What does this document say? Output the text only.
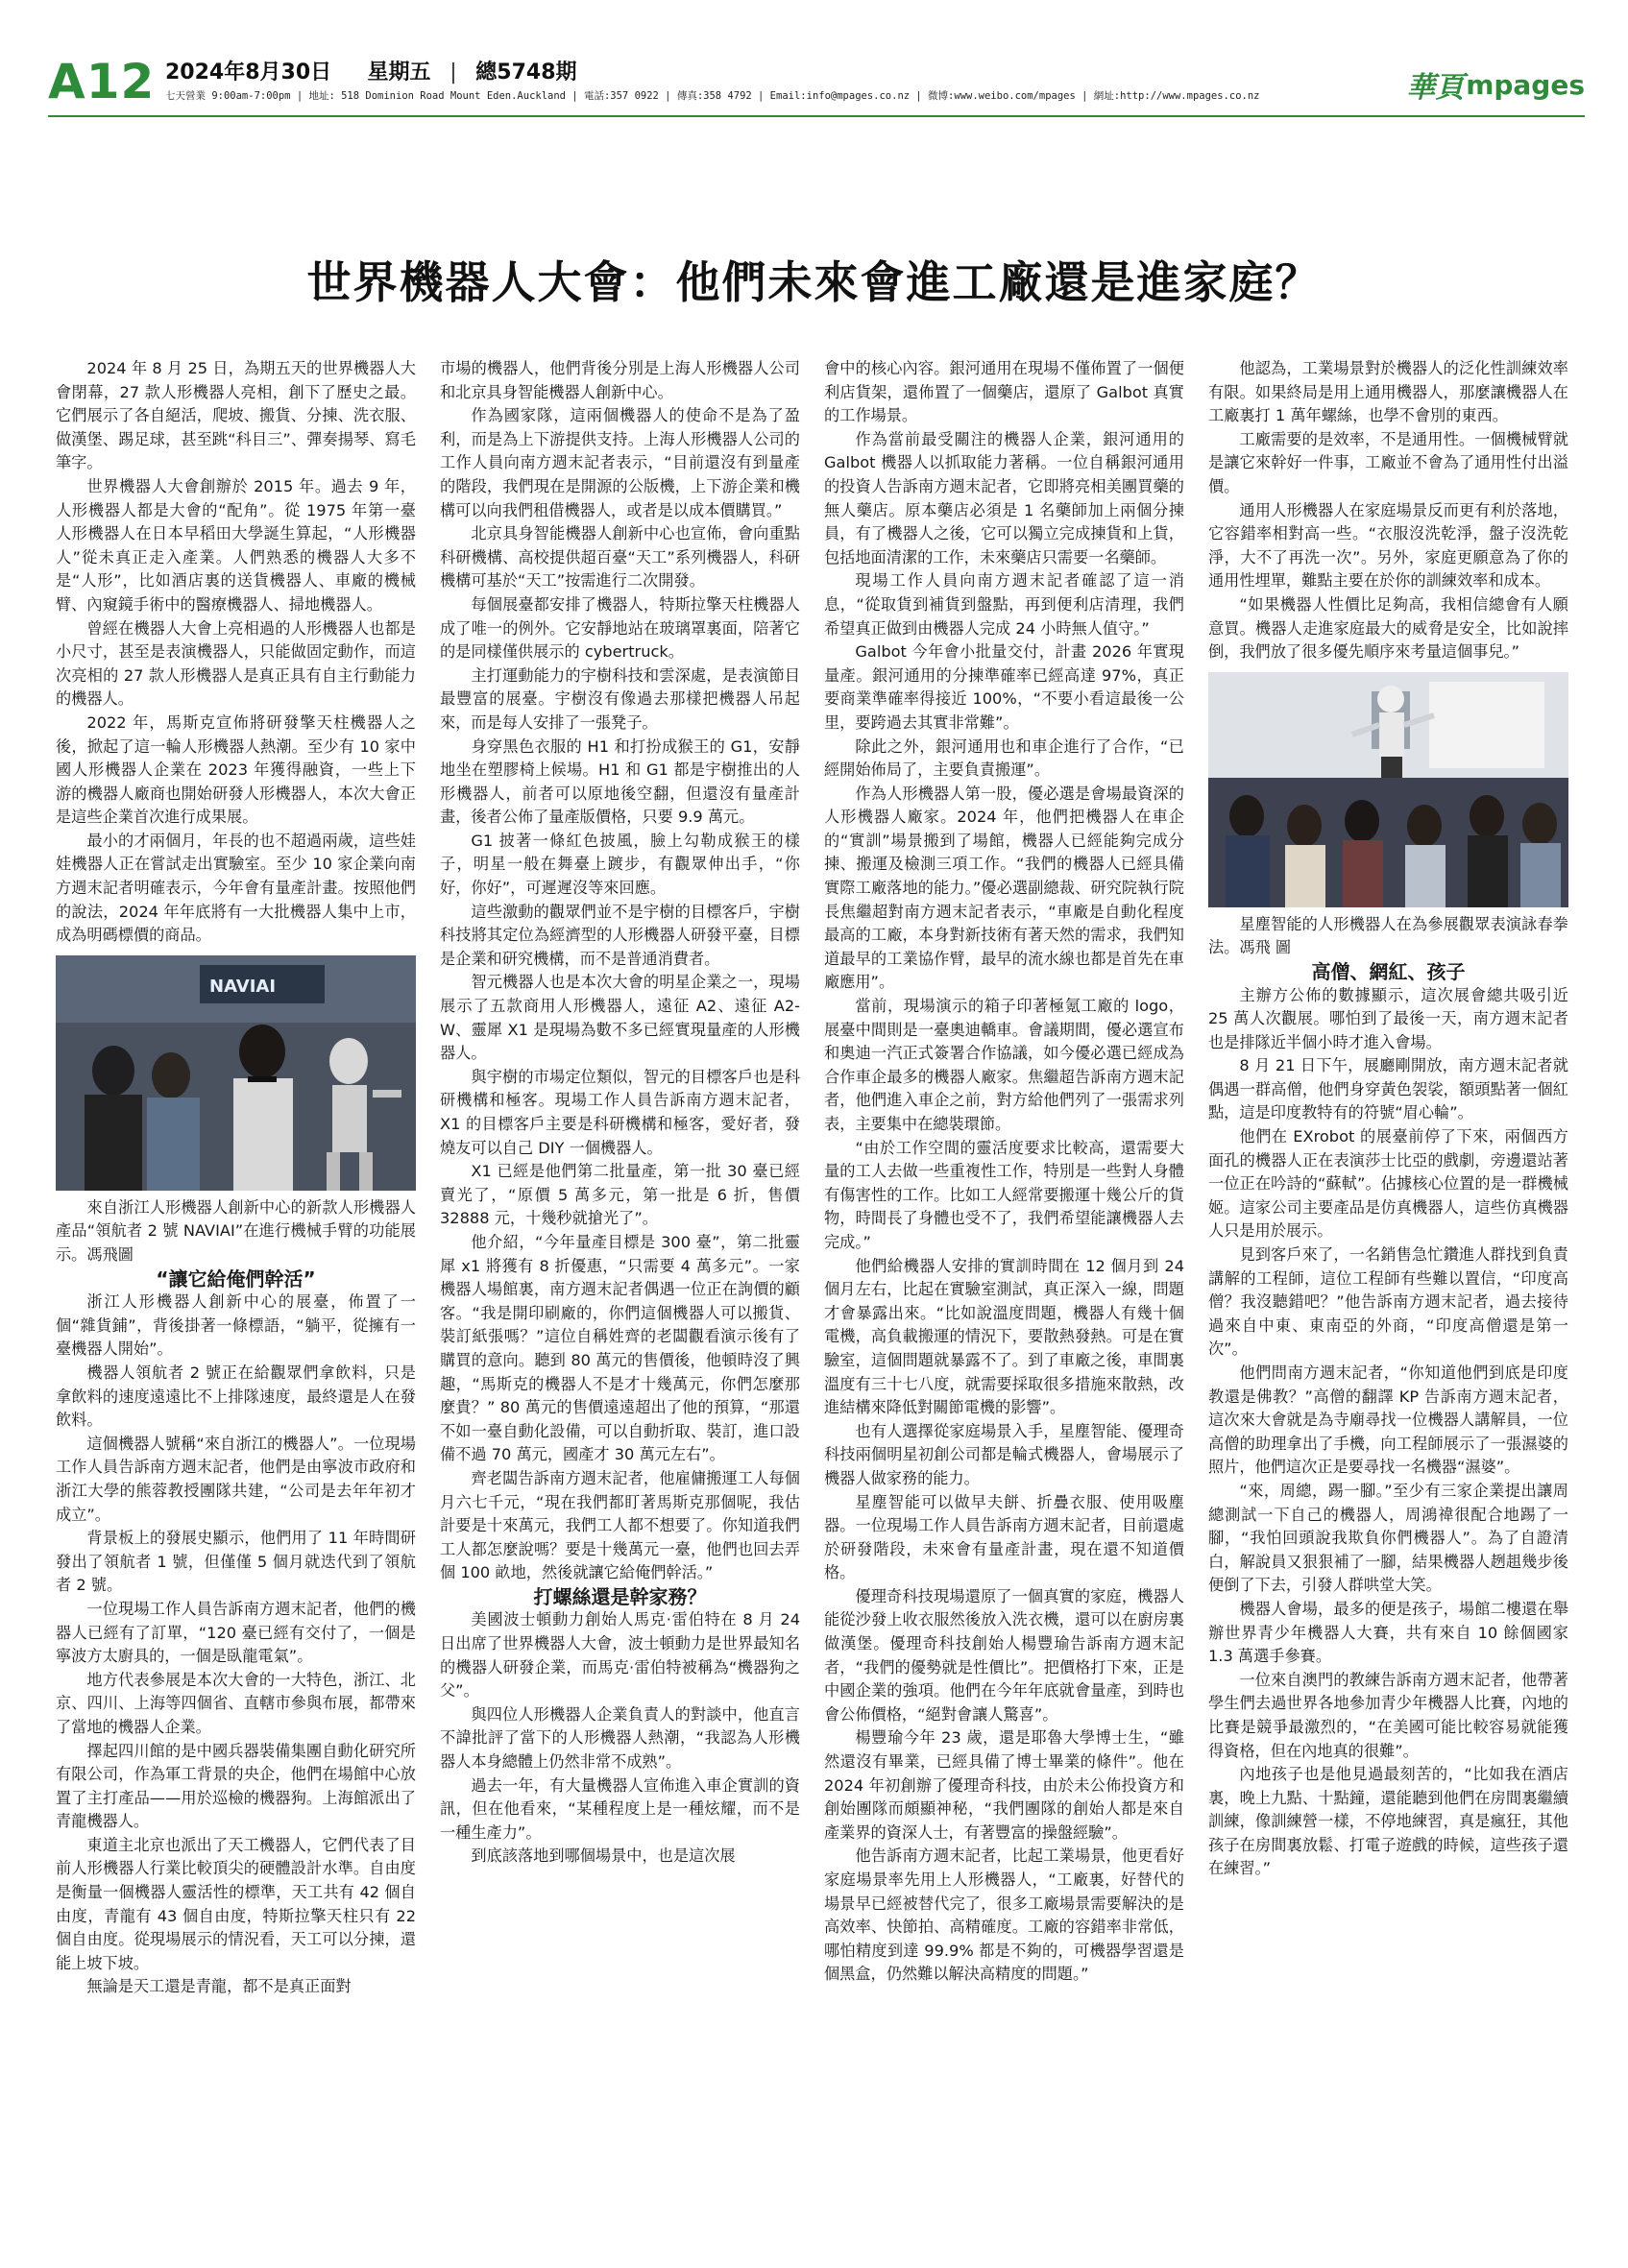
A12 2024年8月30日 星期五 | 總5748期
七天營業 9:00am-7:00pm | 地址: 518 Dominion Road Mount Eden.Auckland | 電話:357 0922 | 傳真:358 4792 | Email:info@mpages.co.nz | 微博:www.weibo.com/mpages | 網址:http://www.mpages.co.nz	華頁 mpages
世界機器人大會：他們未來會進工廠還是進家庭？

2024 年 8 月 25 日，為期五天的世界機器人大會閉幕，27 款人形機器人亮相，創下了歷史之最。它們展示了各自絕活，爬坡、搬貨、分揀、洗衣服、做漢堡、踢足球，甚至跳“科目三”、彈奏揚琴、寫毛筆字。

世界機器人大會創辦於 2015 年。過去 9 年，人形機器人都是大會的“配角”。從 1975 年第一臺人形機器人在日本早稻田大學誕生算起，“人形機器人”從未真正走入產業。人們熟悉的機器人大多不是“人形”，比如酒店裏的送貨機器人、車廠的機械臂、內窺鏡手術中的醫療機器人、掃地機器人。

曾經在機器人大會上亮相過的人形機器人也都是小尺寸，甚至是表演機器人，只能做固定動作，而這次亮相的 27 款人形機器人是真正具有自主行動能力的機器人。

2022 年，馬斯克宣佈將研發擎天柱機器人之後，掀起了這一輪人形機器人熱潮。至少有 10 家中國人形機器人企業在 2023 年獲得融資，一些上下游的機器人廠商也開始研發人形機器人，本次大會正是這些企業首次進行成果展。

最小的才兩個月，年長的也不超過兩歲，這些娃娃機器人正在嘗試走出實驗室。至少 10 家企業向南方週末記者明確表示，今年會有量產計畫。按照他們的說法，2024 年年底將有一大批機器人集中上市，成為明碼標價的商品。

NAVIAI

來自浙江人形機器人創新中心的新款人形機器人產品“領航者 2 號 NAVIAI”在進行機械手臂的功能展示。馮飛圖

“讓它給俺們幹活”

浙江人形機器人創新中心的展臺，佈置了一個“雜貨鋪”，背後掛著一條標語，“躺平，從擁有一臺機器人開始”。

機器人領航者 2 號正在給觀眾們拿飲料，只是拿飲料的速度遠遠比不上排隊速度，最終還是人在發飲料。

這個機器人號稱“來自浙江的機器人”。一位現場工作人員告訴南方週末記者，他們是由寧波市政府和浙江大學的熊蓉教授團隊共建，“公司是去年年初才成立”。

背景板上的發展史顯示，他們用了 11 年時間研發出了領航者 1 號，但僅僅 5 個月就迭代到了領航者 2 號。

一位現場工作人員告訴南方週末記者，他們的機器人已經有了訂單，“120 臺已經有交付了，一個是寧波方太廚具的，一個是臥龍電氣”。

地方代表參展是本次大會的一大特色，浙江、北京、四川、上海等四個省、直轄市參與布展，都帶來了當地的機器人企業。

擇起四川館的是中國兵器裝備集團自動化研究所有限公司，作為軍工背景的央企，他們在場館中心放置了主打產品——用於巡檢的機器狗。上海館派出了青龍機器人。

東道主北京也派出了天工機器人，它們代表了目前人形機器人行業比較頂尖的硬體設計水準。自由度是衡量一個機器人靈活性的標準，天工共有 42 個自由度，青龍有 43 個自由度，特斯拉擎天柱只有 22 個自由度。從現場展示的情況看，天工可以分揀，還能上坡下坡。

無論是天工還是青龍，都不是真正面對

市場的機器人，他們背後分別是上海人形機器人公司和北京具身智能機器人創新中心。

作為國家隊，這兩個機器人的使命不是為了盈利，而是為上下游提供支持。上海人形機器人公司的工作人員向南方週末記者表示，“目前還沒有到量產的階段，我們現在是開源的公版機，上下游企業和機構可以向我們租借機器人，或者是以成本價購買。”

北京具身智能機器人創新中心也宣佈，會向重點科研機構、高校提供超百臺“天工”系列機器人，科研機構可基於“天工”按需進行二次開發。

每個展臺都安排了機器人，特斯拉擎天柱機器人成了唯一的例外。它安靜地站在玻璃罩裏面，陪著它的是同樣僅供展示的 cybertruck。

主打運動能力的宇樹科技和雲深處，是表演節目最豐富的展臺。宇樹沒有像過去那樣把機器人吊起來，而是每人安排了一張凳子。

身穿黑色衣服的 H1 和打扮成猴王的 G1，安靜地坐在塑膠椅上候場。H1 和 G1 都是宇樹推出的人形機器人，前者可以原地後空翻，但還沒有量產計畫，後者公佈了量產版價格，只要 9.9 萬元。

G1 披著一條紅色披風，臉上勾勒成猴王的樣子，明星一般在舞臺上踱步，有觀眾伸出手，“你好，你好”，可遲遲沒等來回應。

這些激動的觀眾們並不是宇樹的目標客戶，宇樹科技將其定位為經濟型的人形機器人研發平臺，目標是企業和研究機構，而不是普通消費者。

智元機器人也是本次大會的明星企業之一，現場展示了五款商用人形機器人，遠征 A2、遠征 A2-W、靈犀 X1 是現場為數不多已經實現量產的人形機器人。

與宇樹的市場定位類似，智元的目標客戶也是科研機構和極客。現場工作人員告訴南方週末記者，X1 的目標客戶主要是科研機構和極客，愛好者，發燒友可以自己 DIY 一個機器人。

X1 已經是他們第二批量產，第一批 30 臺已經賣光了，“原價 5 萬多元，第一批是 6 折，售價 32888 元，十幾秒就搶光了”。

他介紹，“今年量產目標是 300 臺”，第二批靈犀 x1 將獲有 8 折優惠，“只需要 4 萬多元”。一家機器人場館裏，南方週末記者偶遇一位正在詢價的顧客。“我是開印刷廠的，你們這個機器人可以搬貨、裝訂紙張嗎？”這位自稱姓齊的老闆觀看演示後有了購買的意向。聽到 80 萬元的售價後，他頓時沒了興趣，“馬斯克的機器人不是才十幾萬元，你們怎麼那麼貴？” 80 萬元的售價遠遠超出了他的預算，“那還不如一臺自動化設備，可以自動折取、裝訂，進口設備不過 70 萬元，國產才 30 萬元左右”。

齊老闆告訴南方週末記者，他雇傭搬運工人每個月六七千元，“現在我們都盯著馬斯克那個呢，我估計要是十來萬元，我們工人都不想要了。你知道我們工人都怎麼說嗎？要是十幾萬元一臺，他們也回去弄個 100 畝地，然後就讓它給俺們幹活。”

打螺絲還是幹家務？

美國波士頓動力創始人馬克·雷伯特在 8 月 24 日出席了世界機器人大會，波士頓動力是世界最知名的機器人研發企業，而馬克·雷伯特被稱為“機器狗之父”。

與四位人形機器人企業負責人的對談中，他直言不諱批評了當下的人形機器人熱潮，“我認為人形機器人本身總體上仍然非常不成熟”。

過去一年，有大量機器人宣佈進入車企實訓的資訊，但在他看來，“某種程度上是一種炫耀，而不是一種生產力”。

到底該落地到哪個場景中，也是這次展

會中的核心內容。銀河通用在現場不僅佈置了一個便利店貨架，還佈置了一個藥店，還原了 Galbot 真實的工作場景。

作為當前最受關注的機器人企業，銀河通用的 Galbot 機器人以抓取能力著稱。一位自稱銀河通用的投資人告訴南方週末記者，它即將亮相美團買藥的無人藥店。原本藥店必須是 1 名藥師加上兩個分揀員，有了機器人之後，它可以獨立完成揀貨和上貨，包括地面清潔的工作，未來藥店只需要一名藥師。

現場工作人員向南方週末記者確認了這一消息，“從取貨到補貨到盤點，再到便利店清理，我們希望真正做到由機器人完成 24 小時無人值守。”

Galbot 今年會小批量交付，計畫 2026 年實現量產。銀河通用的分揀準確率已經高達 97%，真正要商業準確率得接近 100%，“不要小看這最後一公里，要跨過去其實非常難”。

除此之外，銀河通用也和車企進行了合作，“已經開始佈局了，主要負責搬運”。

作為人形機器人第一股，優必選是會場最資深的人形機器人廠家。2024 年，他們把機器人在車企的“實訓”場景搬到了場館，機器人已經能夠完成分揀、搬運及檢測三項工作。“我們的機器人已經具備實際工廠落地的能力。”優必選副總裁、研究院執行院長焦繼超對南方週末記者表示，“車廠是自動化程度最高的工廠，本身對新技術有著天然的需求，我們知道最早的工業協作臂，最早的流水線也都是首先在車廠應用”。

當前，現場演示的箱子印著極氪工廠的 logo，展臺中間則是一臺奧迪轎車。會議期間，優必選宣布和奧迪一汽正式簽署合作協議，如今優必選已經成為合作車企最多的機器人廠家。焦繼超告訴南方週末記者，他們進入車企之前，對方給他們列了一張需求列表，主要集中在總裝環節。

“由於工作空間的靈活度要求比較高，還需要大量的工人去做一些重複性工作，特別是一些對人身體有傷害性的工作。比如工人經常要搬運十幾公斤的貨物，時間長了身體也受不了，我們希望能讓機器人去完成。”

他們給機器人安排的實訓時間在 12 個月到 24 個月左右，比起在實驗室測試，真正深入一線，問題才會暴露出來。“比如說溫度問題，機器人有幾十個電機，高負載搬運的情況下，要散熱發熱。可是在實驗室，這個問題就暴露不了。到了車廠之後，車間裏溫度有三十七八度，就需要採取很多措施來散熱，改進結構來降低對關節電機的影響”。

也有人選擇從家庭場景入手，星塵智能、優理奇科技兩個明星初創公司都是輪式機器人，會場展示了機器人做家務的能力。

星塵智能可以做早夫餅、折疊衣服、使用吸塵器。一位現場工作人員告訴南方週末記者，目前還處於研發階段，未來會有量產計畫，現在還不知道價格。

優理奇科技現場還原了一個真實的家庭，機器人能從沙發上收衣服然後放入洗衣機，還可以在廚房裏做漢堡。優理奇科技創始人楊豐瑜告訴南方週末記者，“我們的優勢就是性價比”。把價格打下來，正是中國企業的強項。他們在今年年底就會量產，到時也會公佈價格，“絕對會讓人驚喜”。

楊豐瑜今年 23 歲，還是耶魯大學博士生，“雖然還沒有畢業，已經具備了博士畢業的條件”。他在 2024 年初創辦了優理奇科技，由於未公佈投資方和創始團隊而頗顯神秘，“我們團隊的創始人都是來自產業界的資深人士，有著豐富的操盤經驗”。

他告訴南方週末記者，比起工業場景，他更看好家庭場景率先用上人形機器人，“工廠裏，好替代的場景早已經被替代完了，很多工廠場景需要解決的是高效率、快節拍、高精確度。工廠的容錯率非常低，哪怕精度到達 99.9% 都是不夠的，可機器學習還是個黑盒，仍然難以解決高精度的問題。”

他認為，工業場景對於機器人的泛化性訓練效率有限。如果終局是用上通用機器人，那麼讓機器人在工廠裏打 1 萬年螺絲，也學不會別的東西。

工廠需要的是效率，不是通用性。一個機械臂就是讓它來幹好一件事，工廠並不會為了通用性付出溢價。

通用人形機器人在家庭場景反而更有利於落地，它容錯率相對高一些。“衣服沒洗乾淨，盤子沒洗乾淨，大不了再洗一次”。另外，家庭更願意為了你的通用性埋單，難點主要在於你的訓練效率和成本。

“如果機器人性價比足夠高，我相信總會有人願意買。機器人走進家庭最大的威脅是安全，比如說摔倒，我們放了很多優先順序來考量這個事兒。”

星塵智能的人形機器人在為參展觀眾表演詠春拳法。馮飛 圖

高僧、網紅、孩子

主辦方公佈的數據顯示，這次展會總共吸引近 25 萬人次觀展。哪怕到了最後一天，南方週末記者也是排隊近半個小時才進入會場。

8 月 21 日下午，展廳剛開放，南方週末記者就偶遇一群高僧，他們身穿黃色袈裟，額頭點著一個紅點，這是印度教特有的符號“眉心輪”。

他們在 EXrobot 的展臺前停了下來，兩個西方面孔的機器人正在表演莎士比亞的戲劇，旁邊還站著一位正在吟詩的“蘇軾”。佔據核心位置的是一群機械姬。這家公司主要產品是仿真機器人，這些仿真機器人只是用於展示。

見到客戶來了，一名銷售急忙鑽進人群找到負責講解的工程師，這位工程師有些難以置信，“印度高僧？我沒聽錯吧？”他告訴南方週末記者，過去接待過來自中東、東南亞的外商，“印度高僧還是第一次”。

他們問南方週末記者，“你知道他們到底是印度教還是佛教？”高僧的翻譯 KP 告訴南方週末記者，這次來大會就是為寺廟尋找一位機器人講解員，一位高僧的助理拿出了手機，向工程師展示了一張濕婆的照片，他們這次正是要尋找一名機器“濕婆”。

“來，周總，踢一腳。”至少有三家企業提出讓周總測試一下自己的機器人，周鴻禕很配合地踢了一腳，“我怕回頭說我欺負你們機器人”。為了自證清白，解說員又狠狠補了一腳，結果機器人趔趄幾步後便倒了下去，引發人群哄堂大笑。

機器人會場，最多的便是孩子，場館二樓還在舉辦世界青少年機器人大賽，共有來自 10 餘個國家 1.3 萬選手參賽。

一位來自澳門的教練告訴南方週末記者，他帶著學生們去過世界各地參加青少年機器人比賽，內地的比賽是競爭最激烈的，“在美國可能比較容易就能獲得資格，但在內地真的很難”。

內地孩子也是他見過最刻苦的，“比如我在酒店裏，晚上九點、十點鐘，還能聽到他們在房間裏繼續訓練，像訓練營一樣，不停地練習，真是瘋狂，其他孩子在房間裏放鬆、打電子遊戲的時候，這些孩子還在練習。”
